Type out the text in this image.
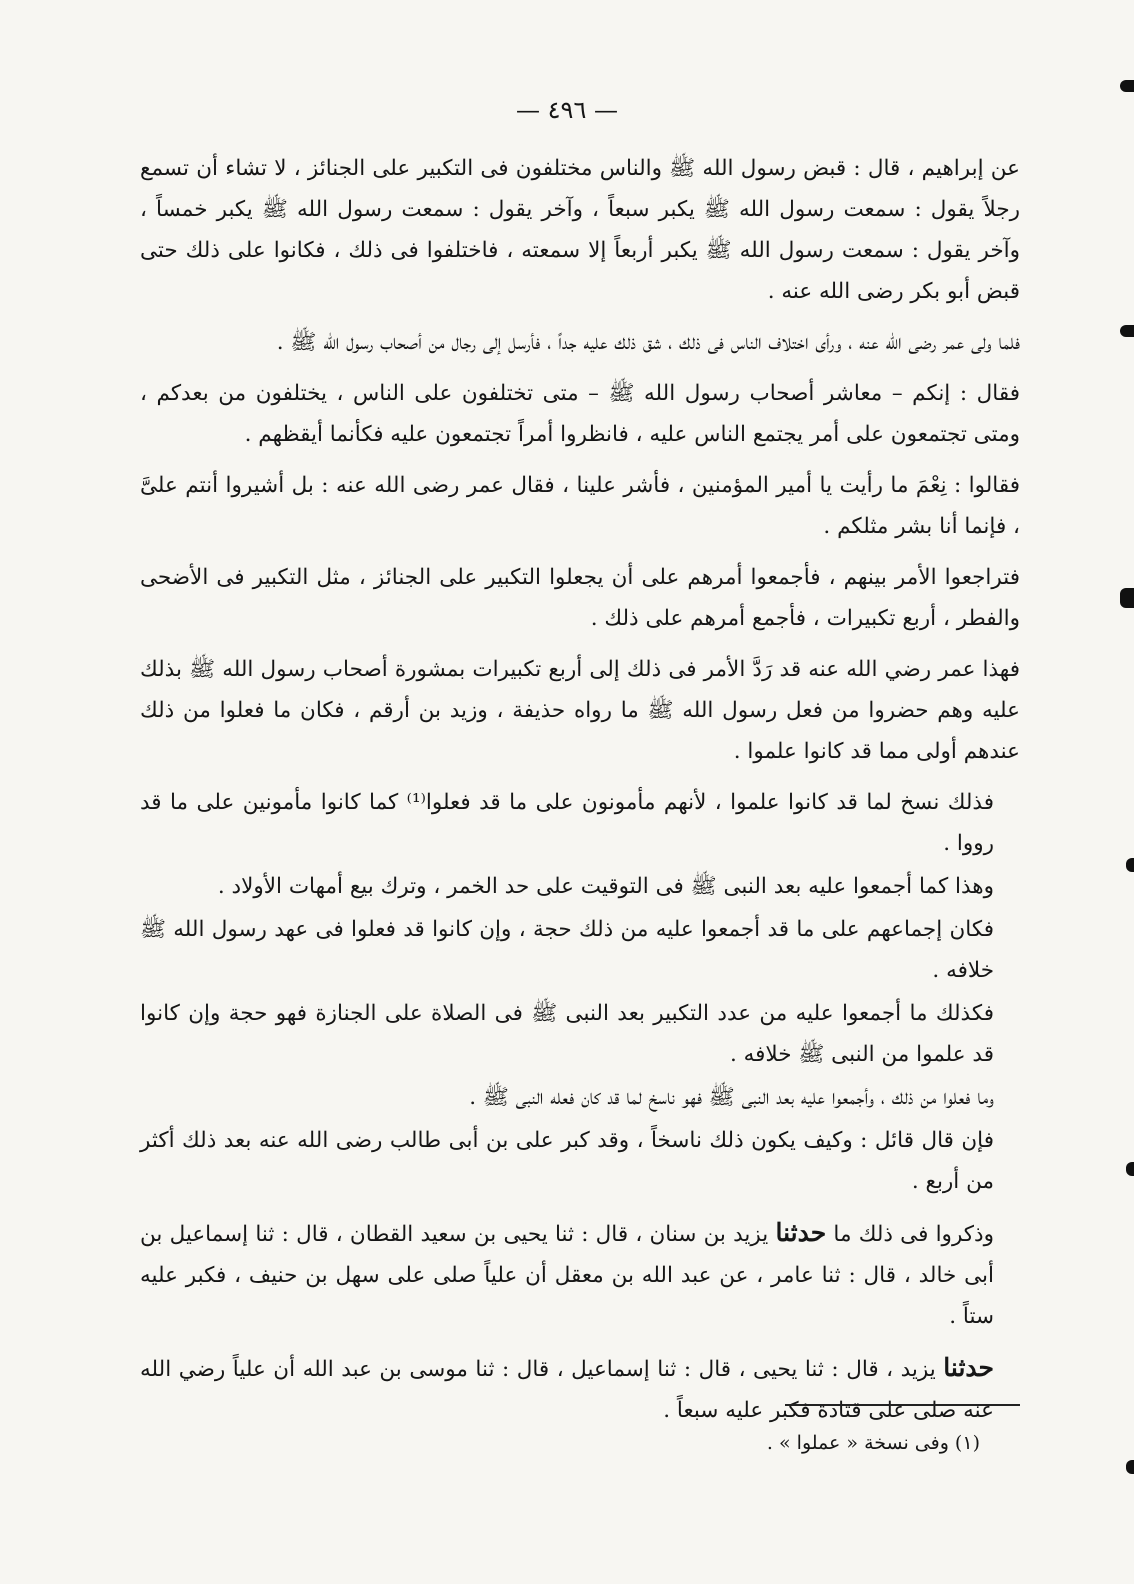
— ٤٩٦ —

عن إبراهيم ، قال : قبض رسول الله ﷺ والناس مختلفون فى التكبير على الجنائز ، لا تشاء أن تسمع رجلاً يقول : سمعت رسول الله ﷺ يكبر سبعاً ، وآخر يقول : سمعت رسول الله ﷺ يكبر خمساً ، وآخر يقول : سمعت رسول الله ﷺ يكبر أربعاً إلا سمعته ، فاختلفوا فى ذلك ، فكانوا على ذلك حتى قبض أبو بكر رضى الله عنه .

فلما ولى عمر رضى الله عنه ، ورأى اختلاف الناس فى ذلك ، شق ذلك عليه جداً ، فأرسل إلى رجال من أصحاب رسول الله ﷺ .

فقال : إنكم – معاشر أصحاب رسول الله ﷺ – متى تختلفون على الناس ، يختلفون من بعدكم ، ومتى تجتمعون على أمر يجتمع الناس عليه ، فانظروا أمراً تجتمعون عليه فكأنما أيقظهم .

فقالوا : نِعْمَ ما رأيت يا أمير المؤمنين ، فأشر علينا ، فقال عمر رضى الله عنه : بل أشيروا أنتم علىَّ ، فإنما أنا بشر مثلكم .

فتراجعوا الأمر بينهم ، فأجمعوا أمرهم على أن يجعلوا التكبير على الجنائز ، مثل التكبير فى الأضحى والفطر ، أربع تكبيرات ، فأجمع أمرهم على ذلك .

فهذا عمر رضي الله عنه قد رَدَّ الأمر فى ذلك إلى أربع تكبيرات بمشورة أصحاب رسول الله ﷺ بذلك عليه وهم حضروا من فعل رسول الله ﷺ ما رواه حذيفة ، وزيد بن أرقم ، فكان ما فعلوا من ذلك عندهم أولى مما قد كانوا علموا .

فذلك نسخ لما قد كانوا علموا ، لأنهم مأمونون على ما قد فعلوا⁽¹⁾ كما كانوا مأمونين على ما قد رووا .

وهذا كما أجمعوا عليه بعد النبى ﷺ فى التوقيت على حد الخمر ، وترك بيع أمهات الأولاد .

فكان إجماعهم على ما قد أجمعوا عليه من ذلك حجة ، وإن كانوا قد فعلوا فى عهد رسول الله ﷺ خلافه .

فكذلك ما أجمعوا عليه من عدد التكبير بعد النبى ﷺ فى الصلاة على الجنازة فهو حجة وإن كانوا قد علموا من النبى ﷺ خلافه .

وما فعلوا من ذلك ، وأجمعوا عليه بعد النبى ﷺ فهو ناسخ لما قد كان فعله النبى ﷺ .

فإن قال قائل : وكيف يكون ذلك ناسخاً ، وقد كبر على بن أبى طالب رضى الله عنه بعد ذلك أكثر من أربع .

وذكروا فى ذلك ما حدثنا يزيد بن سنان ، قال : ثنا يحيى بن سعيد القطان ، قال : ثنا إسماعيل بن أبى خالد ، قال : ثنا عامر ، عن عبد الله بن معقل أن علياً صلى على سهل بن حنيف ، فكبر عليه ستاً .

حدثنا يزيد ، قال : ثنا يحيى ، قال : ثنا إسماعيل ، قال : ثنا موسى بن عبد الله أن علياً رضي الله عنه صلى على قتادة فكبر عليه سبعاً .

(١) وفى نسخة « عملوا » .
